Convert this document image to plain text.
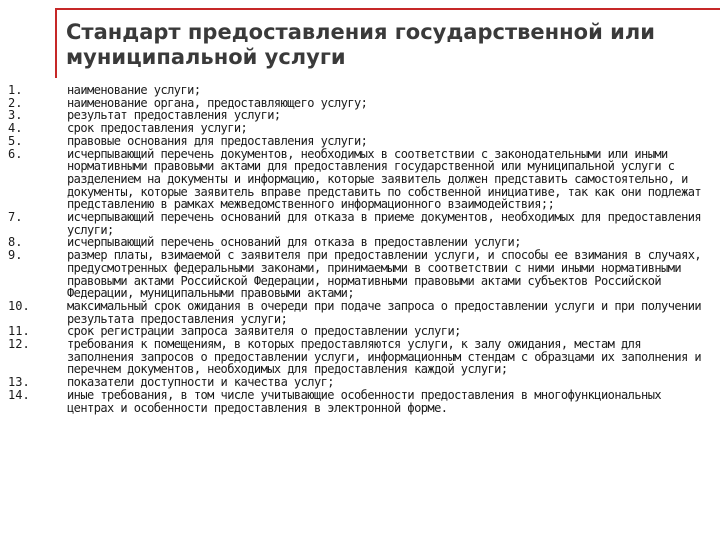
Стандарт предоставления государственной или муниципальной услуги
1.	наименование услуги;
2.	наименование органа, предоставляющего услугу;
3.	результат предоставления услуги;
4.	срок предоставления услуги;
5.	правовые основания для предоставления услуги;
6.	исчерпывающий перечень документов, необходимых в соответствии с законодательными или иными нормативными правовыми актами для предоставления государственной или муниципальной услуги с разделением на документы и информацию, которые заявитель должен представить самостоятельно, и документы, которые заявитель вправе представить по собственной инициативе, так как они подлежат представлению в рамках межведомственного информационного взаимодействия;;
7.	исчерпывающий перечень оснований для отказа в приеме документов, необходимых для предоставления услуги;
8.	исчерпывающий перечень оснований для отказа в предоставлении услуги;
9.	размер платы, взимаемой с заявителя при предоставлении услуги, и способы ее взимания в случаях, предусмотренных федеральными законами, принимаемыми в соответствии с ними иными нормативными правовыми актами Российской Федерации, нормативными правовыми актами субъектов Российской Федерации, муниципальными правовыми актами;
10.	максимальный срок ожидания в очереди при подаче запроса о предоставлении услуги и при получении результата предоставления услуги;
11.	срок регистрации запроса заявителя о предоставлении услуги;
12.	требования к помещениям, в которых предоставляются услуги, к залу ожидания, местам для заполнения запросов о предоставлении услуги, информационным стендам с образцами их заполнения и перечнем документов, необходимых для предоставления каждой услуги;
13.	показатели доступности и качества услуг;
14.	иные требования, в том числе учитывающие особенности предоставления в многофункциональных центрах и особенности предоставления в электронной форме.
